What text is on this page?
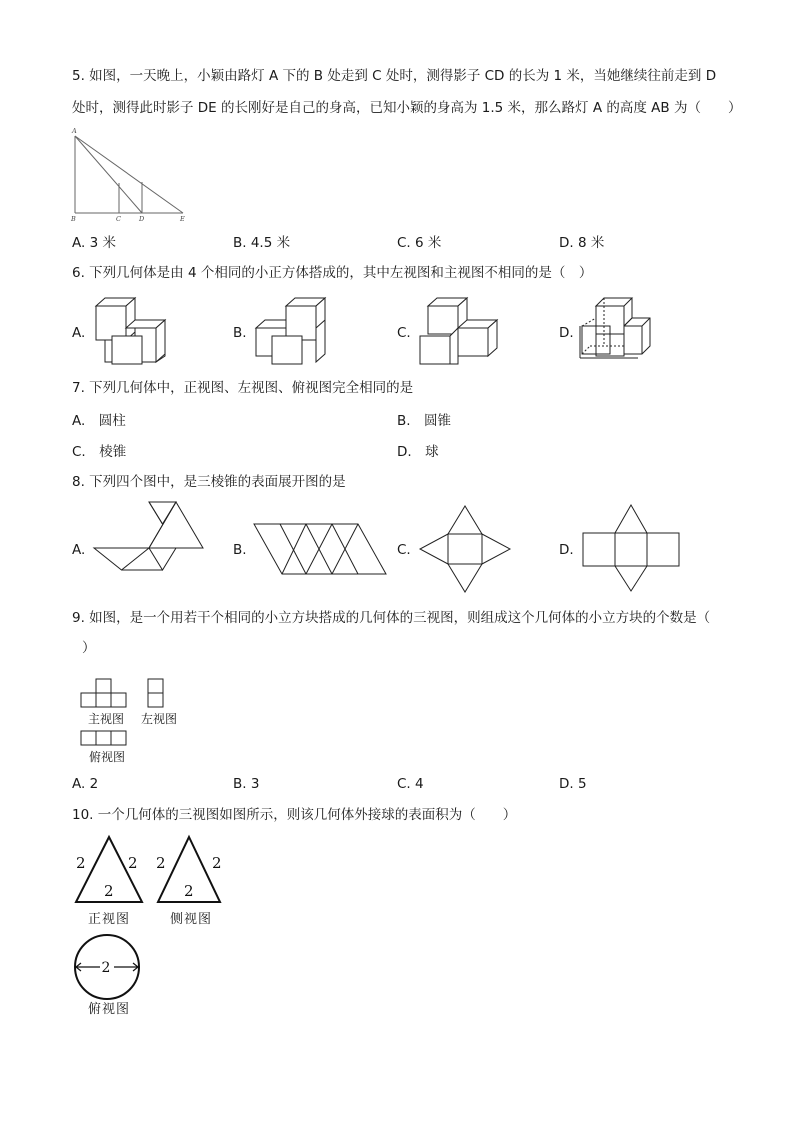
5. 如图，一天晚上，小颖由路灯 A 下的 B 处走到 C 处时，测得影子 CD 的长为 1 米，当她继续往前走到 D
处时，测得此时影子 DE 的长刚好是自己的身高，已知小颖的身高为 1.5 米，那么路灯 A 的高度 AB 为（　　）
A
B	C	D	E
A. 3 米	B. 4.5 米	C. 6 米	D. 8 米
6. 下列几何体是由 4 个相同的小正方体搭成的，其中左视图和主视图不相同的是（　）
A.	B.	C.	D.
7. 下列几何体中，正视图、左视图、俯视图完全相同的是
A.　圆柱	B.　圆锥
C.　棱锥	D.　球
8. 下列四个图中，是三棱锥的表面展开图的是
A.	B.	C.	D.
9. 如图，是一个用若干个相同的小立方块搭成的几何体的三视图，则组成这个几何体的小立方块的个数是（
）
主视图 左视图
俯视图
A. 2	B. 3	C. 4	D. 5
10. 一个几何体的三视图如图所示，则该几何体外接球的表面积为（　　）
2	2
2
正视图
2	2
2
侧视图
2
俯视图
